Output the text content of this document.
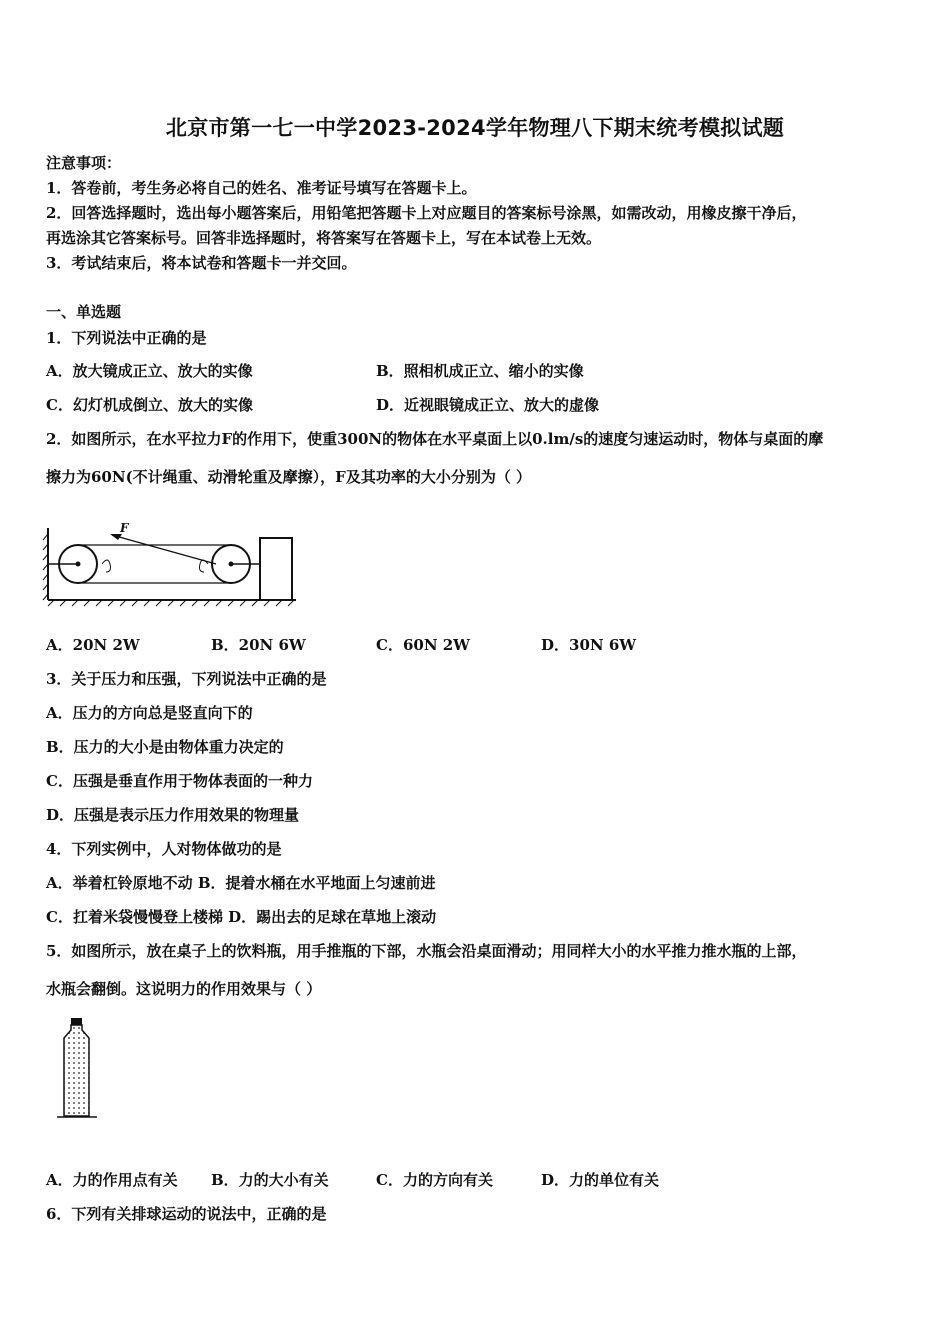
北京市第一七一中学2023-2024学年物理八下期末统考模拟试题
注意事项：
1．答卷前，考生务必将自己的姓名、准考证号填写在答题卡上。
2．回答选择题时，选出每小题答案后，用铅笔把答题卡上对应题目的答案标号涂黑，如需改动，用橡皮擦干净后，
再选涂其它答案标号。回答非选择题时，将答案写在答题卡上，写在本试卷上无效。
3．考试结束后，将本试卷和答题卡一并交回。
一、单选题
1．下列说法中正确的是
A．放大镜成正立、放大的实像	B．照相机成正立、缩小的实像
C．幻灯机成倒立、放大的实像	D．近视眼镜成正立、放大的虚像
2．如图所示，在水平拉力F的作用下，使重300N的物体在水平桌面上以0.lm/s的速度匀速运动时，物体与桌面的摩
擦力为60N(不计绳重、动滑轮重及摩擦），F及其功率的大小分别为（ ）
F
A．20N 2W	B．20N 6W	C．60N 2W	D．30N 6W
3．关于压力和压强，下列说法中正确的是
A．压力的方向总是竖直向下的
B．压力的大小是由物体重力决定的
C．压强是垂直作用于物体表面的一种力
D．压强是表示压力作用效果的物理量
4．下列实例中，人对物体做功的是
A．举着杠铃原地不动 B．提着水桶在水平地面上匀速前进
C．扛着米袋慢慢登上楼梯 D．踢出去的足球在草地上滚动
5．如图所示，放在桌子上的饮料瓶，用手推瓶的下部，水瓶会沿桌面滑动；用同样大小的水平推力推水瓶的上部，
水瓶会翻倒。这说明力的作用效果与（ ）
A．力的作用点有关 B．力的大小有关	C．力的方向有关	D．力的单位有关
6．下列有关排球运动的说法中，正确的是
